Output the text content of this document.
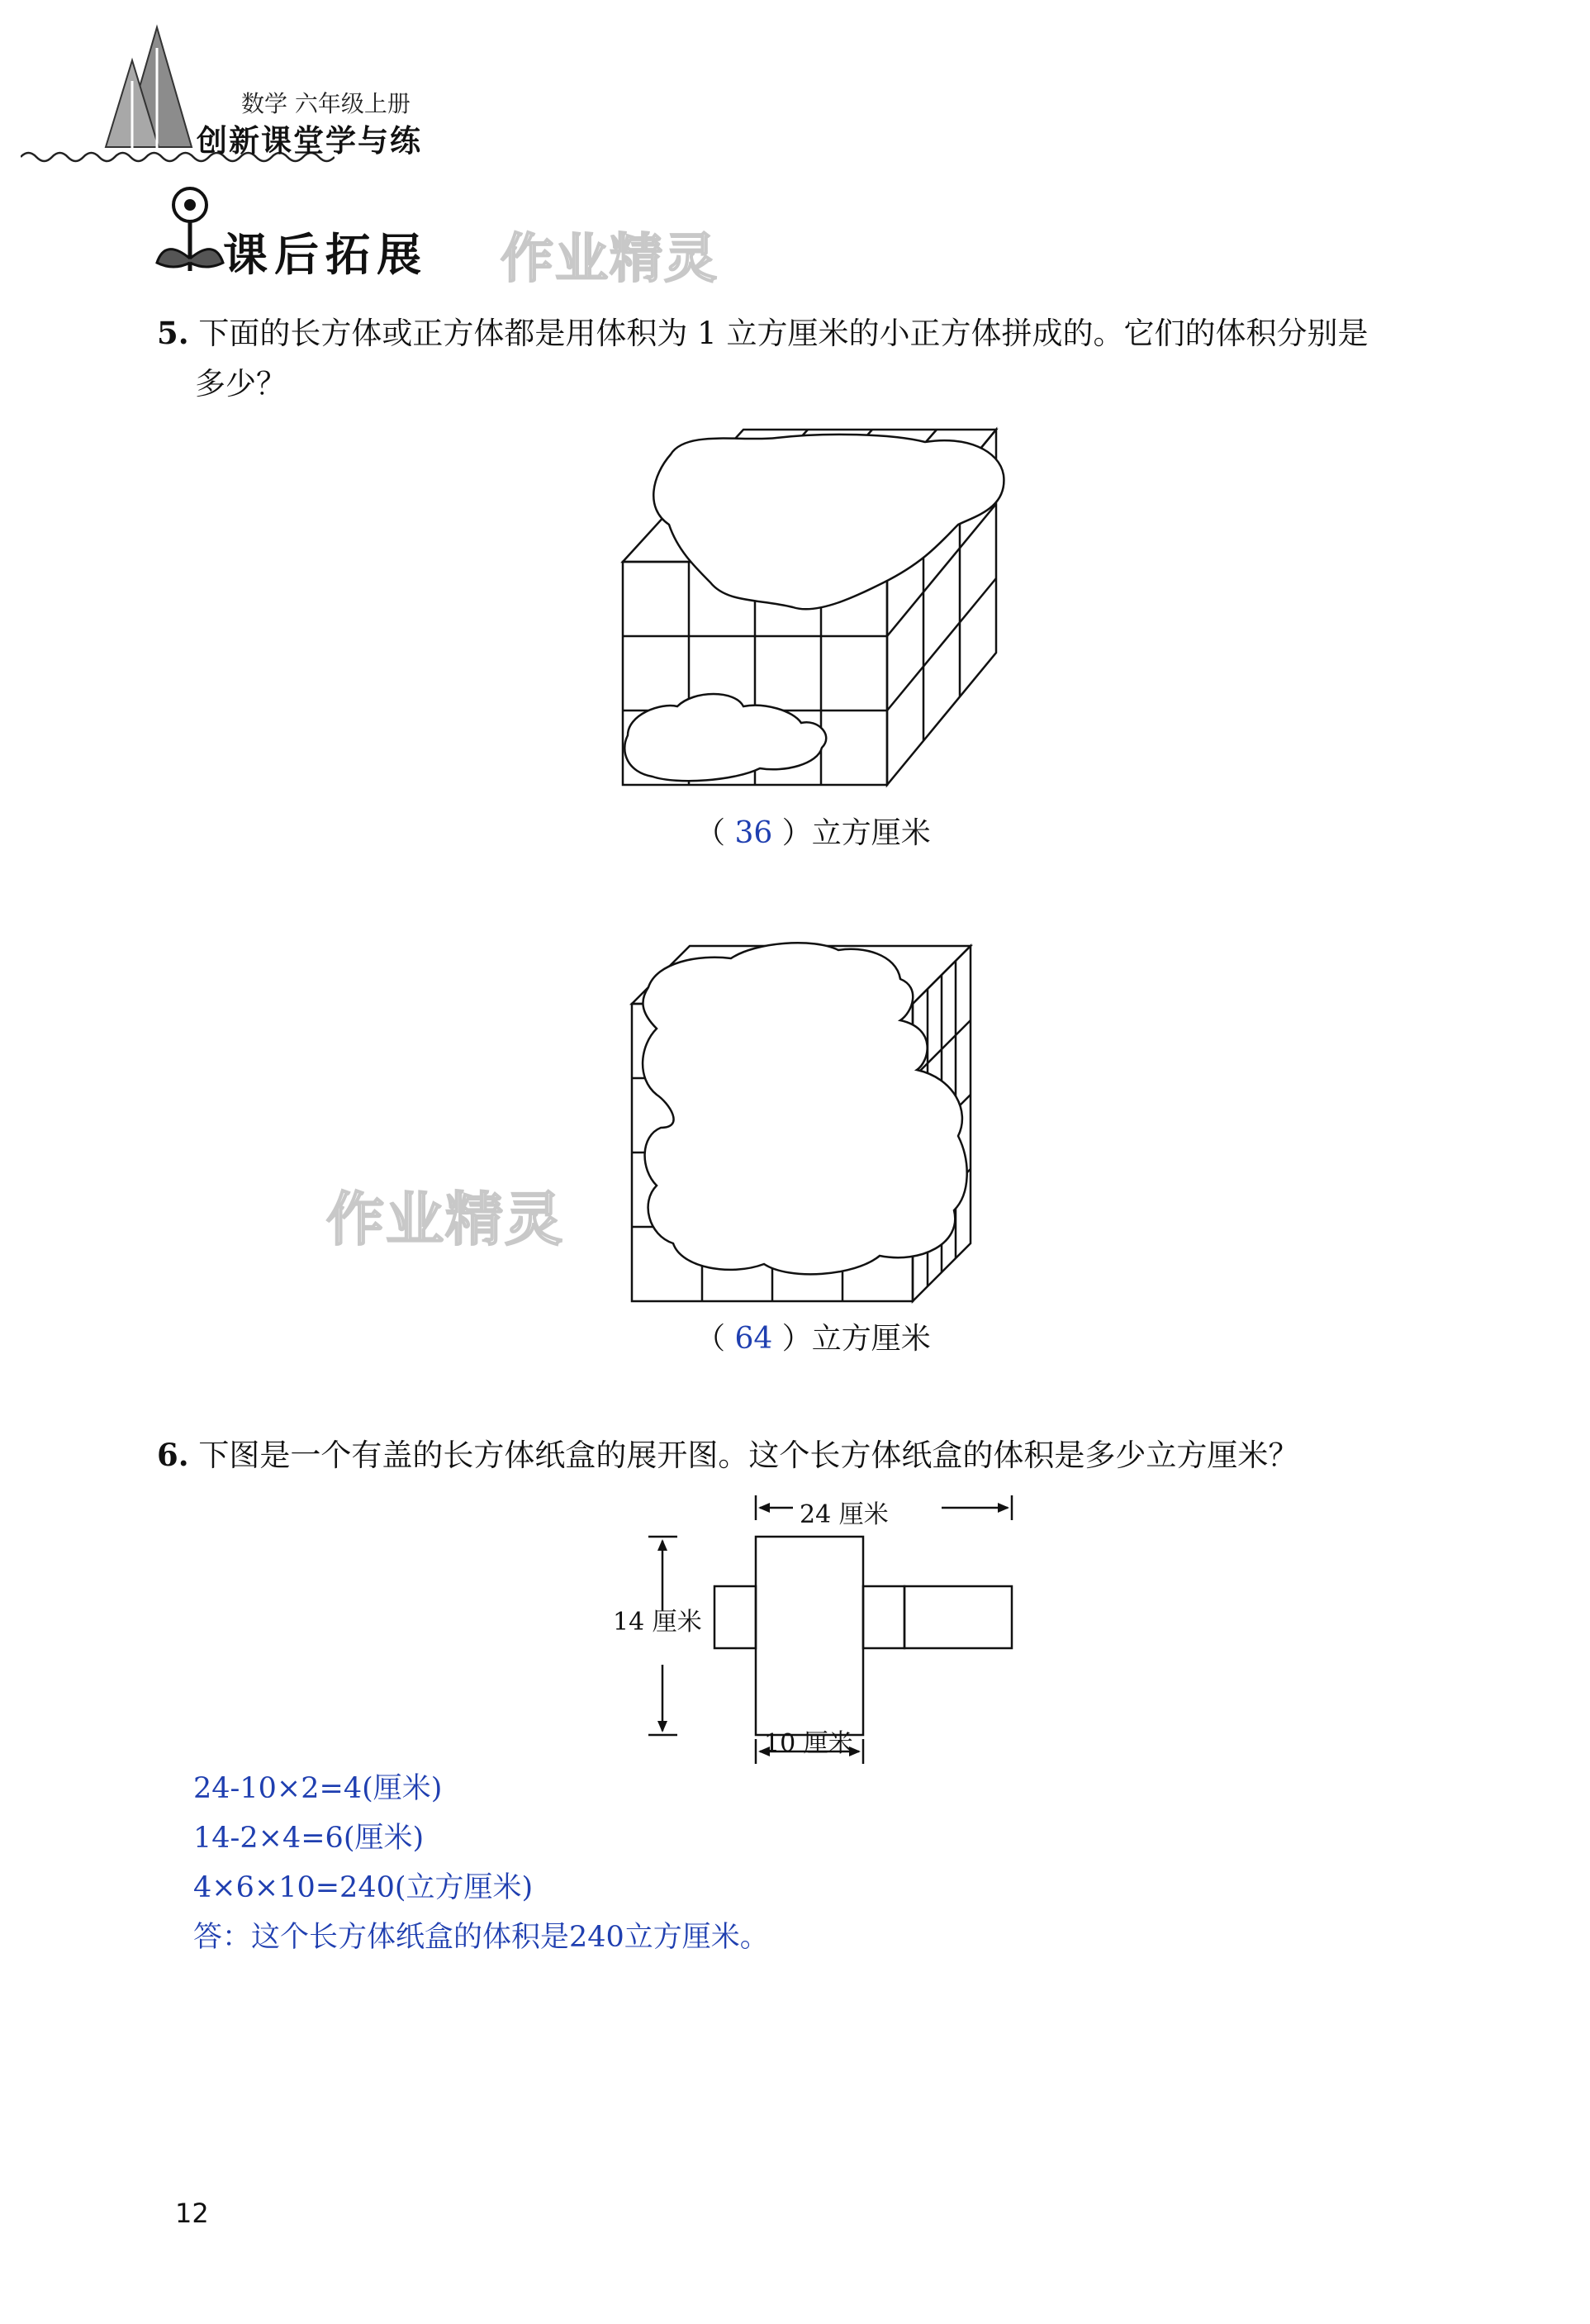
数学 六年级上册
创新课堂学与练
课后拓展 作业精灵
5. 下面的长方体或正方体都是用体积为 1 立方厘米的小正方体拼成的。它们的体积分别是
多少？
（ 36 ）立方厘米
作业精灵
（ 64 ）立方厘米
6. 下图是一个有盖的长方体纸盒的展开图。这个长方体纸盒的体积是多少立方厘米？
24 厘米
14 厘米
10 厘米
24-10×2=4(厘米)
14-2×4=6(厘米)
4×6×10=240(立方厘米)
答：这个长方体纸盒的体积是240立方厘米。
12
